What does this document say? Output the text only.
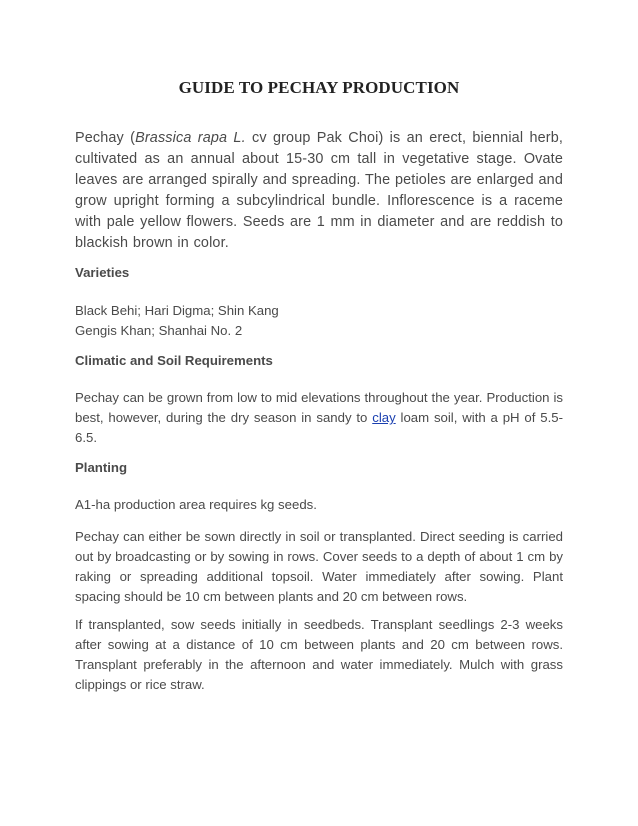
GUIDE TO PECHAY PRODUCTION

Pechay (Brassica rapa L. cv group Pak Choi) is an erect, biennial herb, cultivated as an annual about 15-30 cm tall in vegetative stage. Ovate leaves are arranged spirally and spreading. The petioles are enlarged and grow upright forming a subcylindrical bundle. Inflorescence is a raceme with pale yellow flowers. Seeds are 1 mm in diameter and are reddish to blackish brown in color.

Varieties
Black Behi; Hari Digma; Shin Kang
Gengis Khan; Shanhai No. 2
Climatic and Soil Requirements

Pechay can be grown from low to mid elevations throughout the year. Production is best, however, during the dry season in sandy to clay loam soil, with a pH of 5.5-6.5.

Planting

A1-ha production area requires kg seeds.

Pechay can either be sown directly in soil or transplanted. Direct seeding is carried out by broadcasting or by sowing in rows. Cover seeds to a depth of about 1 cm by raking or spreading additional topsoil. Water immediately after sowing. Plant spacing should be 10 cm between plants and 20 cm between rows.

If transplanted, sow seeds initially in seedbeds. Transplant seedlings 2-3 weeks after sowing at a distance of 10 cm between plants and 20 cm between rows. Transplant preferably in the afternoon and water immediately. Mulch with grass clippings or rice straw.
